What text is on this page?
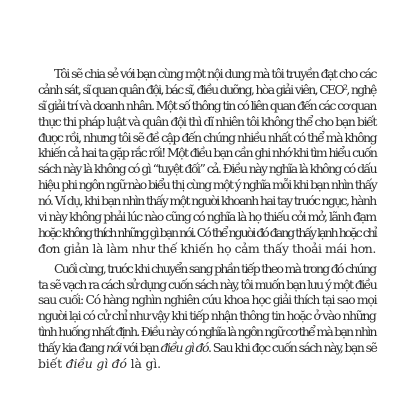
Tôi sẽ chia sẻ với bạn cùng một nội dung mà tôi truyền đạt cho các
cảnh sát, sĩ quan quân đội, bác sĩ, điều dưỡng, hòa giải viên, CEO², nghệ
sĩ giải trí và doanh nhân. Một số thông tin có liên quan đến các cơ quan
thực thi pháp luật và quân đội thì dĩ nhiên tôi không thể cho bạn biết
được rồi, nhưng tôi sẽ đề cập đến chúng nhiều nhất có thể mà không
khiến cả hai ta gặp rắc rối! Một điều bạn cần ghi nhớ khi tìm hiểu cuốn
sách này là không có gì “tuyệt đối” cả. Điều này nghĩa là không có dấu
hiệu phi ngôn ngữ nào biểu thị cùng một ý nghĩa mỗi khi bạn nhìn thấy
nó. Ví dụ, khi bạn nhìn thấy một người khoanh hai tay trước ngực, hành
vi này không phải lúc nào cũng có nghĩa là họ thiếu cởi mở, lãnh đạm
hoặc không thích những gì bạn nói. Có thể người đó đang thấy lạnh hoặc chỉ
đơn giản là làm như thế khiến họ cảm thấy thoải mái hơn.
Cuối cùng, trước khi chuyển sang phần tiếp theo mà trong đó chúng
ta sẽ vạch ra cách sử dụng cuốn sách này, tôi muốn bạn lưu ý một điều
sau cuối: Có hàng nghìn nghiên cứu khoa học giải thích tại sao mọi
người lại có cử chỉ như vậy khi tiếp nhận thông tin hoặc ở vào những
tình huống nhất định. Điều này có nghĩa là ngôn ngữ cơ thể mà bạn nhìn
thấy kia đang nói với bạn điều gì đó. Sau khi đọc cuốn sách này, bạn sẽ
biết điều gì đó là gì.
